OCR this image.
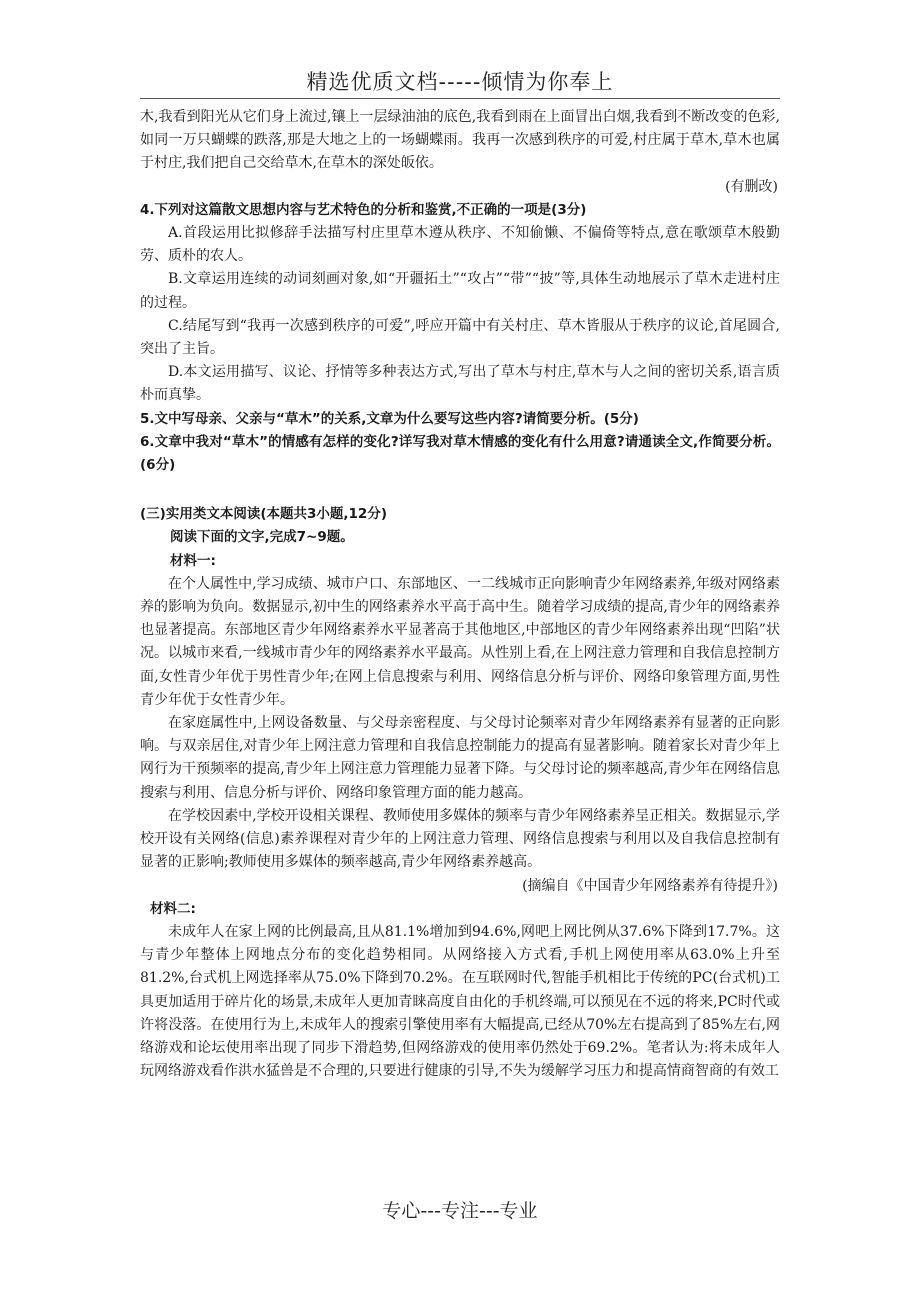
精选优质文档-----倾情为你奉上

木,我看到阳光从它们身上流过,镶上一层绿油油的底色,我看到雨在上面冒出白烟,我看到不断改变的色彩,如同一万只蝴蝶的跌落,那是大地之上的一场蝴蝶雨。我再一次感到秩序的可爱,村庄属于草木,草木也属于村庄,我们把自己交给草木,在草木的深处皈依。

(有删改)

4.下列对这篇散文思想内容与艺术特色的分析和鉴赏,不正确的一项是(3分)

A.首段运用比拟修辞手法描写村庄里草木遵从秩序、不知偷懒、不偏倚等特点,意在歌颂草木般勤劳、质朴的农人。

B.文章运用连续的动词刻画对象,如“开疆拓土”“攻占”“带”“披”等,具体生动地展示了草木走进村庄的过程。

C.结尾写到“我再一次感到秩序的可爱”,呼应开篇中有关村庄、草木皆服从于秩序的议论,首尾圆合,突出了主旨。

D.本文运用描写、议论、抒情等多种表达方式,写出了草木与村庄,草木与人之间的密切关系,语言质朴而真挚。

5.文中写母亲、父亲与“草木”的关系,文章为什么要写这些内容?请简要分析。(5分)

6.文章中我对“草木”的情感有怎样的变化?详写我对草木情感的变化有什么用意?请通读全文,作简要分析。(6分)

(三)实用类文本阅读(本题共3小题,12分)

阅读下面的文字,完成7~9题。

材料一:

在个人属性中,学习成绩、城市户口、东部地区、一二线城市正向影响青少年网络素养,年级对网络素养的影响为负向。数据显示,初中生的网络素养水平高于高中生。随着学习成绩的提高,青少年的网络素养也显著提高。东部地区青少年网络素养水平显著高于其他地区,中部地区的青少年网络素养出现“凹陷”状况。以城市来看,一线城市青少年的网络素养水平最高。从性别上看,在上网注意力管理和自我信息控制方面,女性青少年优于男性青少年;在网上信息搜索与利用、网络信息分析与评价、网络印象管理方面,男性青少年优于女性青少年。

在家庭属性中,上网设备数量、与父母亲密程度、与父母讨论频率对青少年网络素养有显著的正向影响。与双亲居住,对青少年上网注意力管理和自我信息控制能力的提高有显著影响。随着家长对青少年上网行为干预频率的提高,青少年上网注意力管理能力显著下降。与父母讨论的频率越高,青少年在网络信息搜索与利用、信息分析与评价、网络印象管理方面的能力越高。

在学校因素中,学校开设相关课程、教师使用多媒体的频率与青少年网络素养呈正相关。数据显示,学校开设有关网络(信息)素养课程对青少年的上网注意力管理、网络信息搜索与利用以及自我信息控制有显著的正影响;教师使用多媒体的频率越高,青少年网络素养越高。

(摘编自《中国青少年网络素养有待提升》)

材料二:

未成年人在家上网的比例最高,且从81.1%增加到94.6%,网吧上网比例从37.6%下降到17.7%。这与青少年整体上网地点分布的变化趋势相同。从网络接入方式看,手机上网使用率从63.0%上升至81.2%,台式机上网选择率从75.0%下降到70.2%。在互联网时代,智能手机相比于传统的PC(台式机)工具更加适用于碎片化的场景,未成年人更加青睐高度自由化的手机终端,可以预见在不远的将来,PC时代或许将没落。在使用行为上,未成年人的搜索引擎使用率有大幅提高,已经从70%左右提高到了85%左右,网络游戏和论坛使用率出现了同步下滑趋势,但网络游戏的使用率仍然处于69.2%。笔者认为:将未成年人玩网络游戏看作洪水猛兽是不合理的,只要进行健康的引导,不失为缓解学习压力和提高情商智商的有效工

专心---专注---专业
